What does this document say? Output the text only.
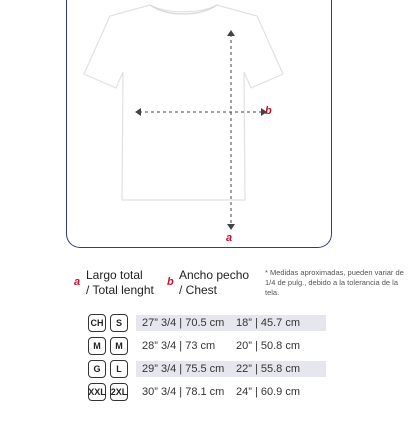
a
b
a Largo total
/ Total lenght
b Ancho pecho
/ Chest
* Medidas aproximadas, pueden variar de 1/4 de pulg., debido a la tolerancia de la tela.
CH	S	27” 3/4 | 70.5 cm	18” | 45.7 cm
M	M	28” 3/4 | 73 cm	20” | 50.8 cm
G	L	29” 3/4 | 75.5 cm	22” | 55.8 cm
XXL 2XL	30” 3/4 | 78.1 cm	24” | 60.9 cm
